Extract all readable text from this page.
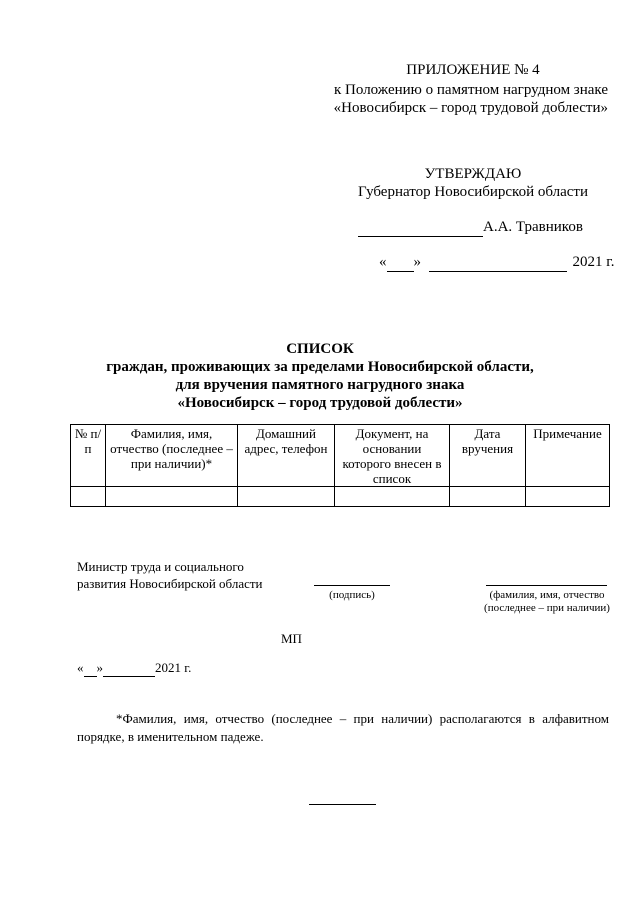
ПРИЛОЖЕНИЕ № 4
к Положению о памятном нагрудном знаке
«Новосибирск – город трудовой доблести»
УТВЕРЖДАЮ
Губернатор Новосибирской области
А.А. Травников
« »	2021 г.
СПИСОК
граждан, проживающих за пределами Новосибирской области,
для вручения памятного нагрудного знака
«Новосибирск – город трудовой доблести»
№ п/п	Фамилия, имя, отчество (последнее – при наличии)*	Домашний адрес, телефон	Документ, на основании которого внесен в список	Дата вручения	Примечание

Министр труда и социального
развития Новосибирской области
(подпись)	(фамилия, имя, отчество
(последнее – при наличии)
МП
« »	2021 г.
*Фамилия, имя, отчество (последнее – при наличии) располагаются в алфавитном порядке, в именительном падеже.
